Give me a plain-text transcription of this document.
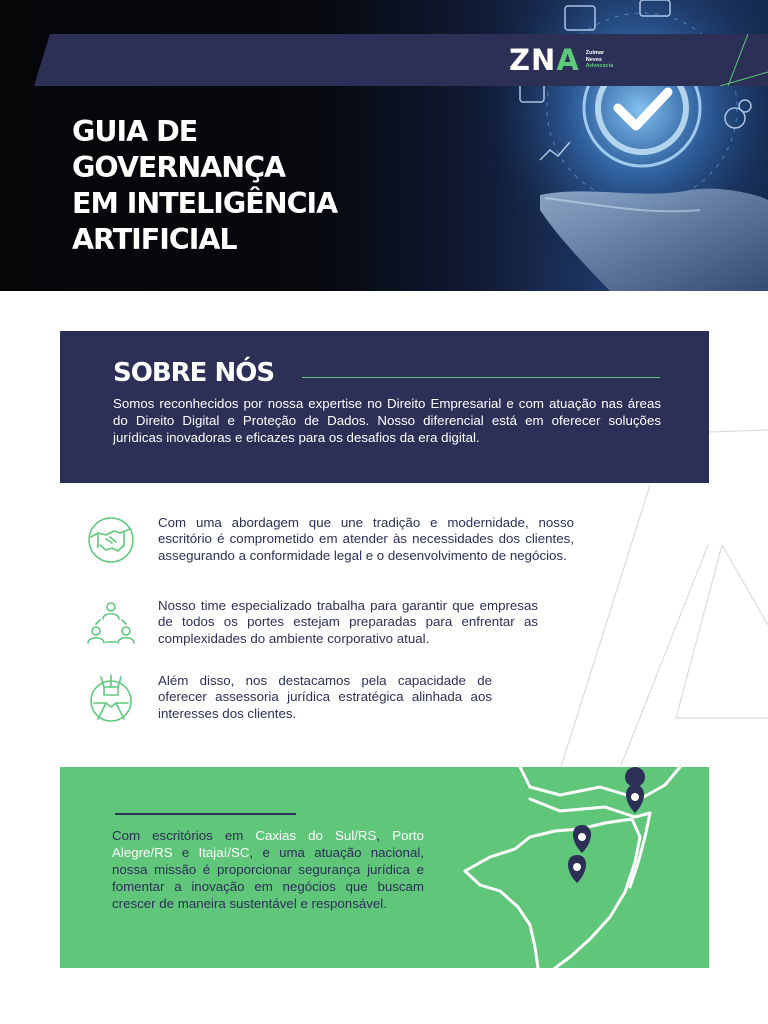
ZNA Zulmar
Neves
Advocacia
GUIA DE
GOVERNANÇA
EM INTELIGÊNCIA
ARTIFICIAL
SOBRE NÓS
Somos reconhecidos por nossa expertise no Direito Empresarial e com atuação nas áreas do Direito Digital e Proteção de Dados. Nosso diferencial está em oferecer soluções jurídicas inovadoras e eficazes para os desafios da era digital.
Com uma abordagem que une tradição e modernidade, nosso escritório é comprometido em atender às necessidades dos clientes, assegurando a conformidade legal e o desenvolvimento de negócios.
Nosso time especializado trabalha para garantir que empresas de todos os portes estejam preparadas para enfrentar as complexidades do ambiente corporativo atual.
Além disso, nos destacamos pela capacidade de oferecer assessoria jurídica estratégica alinhada aos interesses dos clientes.
Com escritórios em Caxias do Sul/RS, Porto Alegre/RS e Itajaí/SC, e uma atuação nacional, nossa missão é proporcionar segurança jurídica e fomentar a inovação em negócios que buscam crescer de maneira sustentável e responsável.
